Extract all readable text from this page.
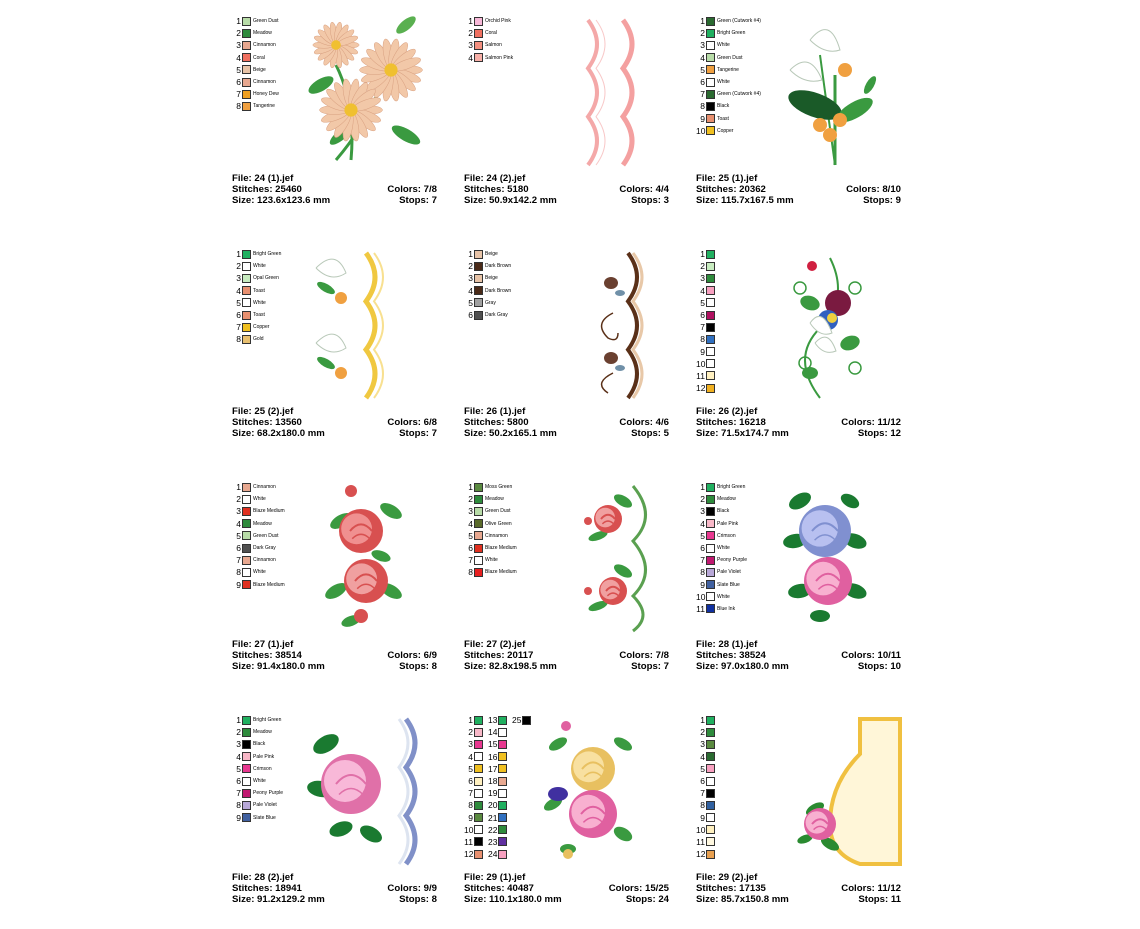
1 Green Dust
2 Meadow
3 Cinnamon
4 Coral
5 Beige
6 Cinnamon
7 Honey Dew
8 Tangerine
File: 24 (1).jef
Stitches: 25460
Size: 123.6x123.6 mm
Colors: 7/8
Stops: 7
1 Orchid Pink
2 Coral
3 Salmon
4 Salmon Pink
File: 24 (2).jef
Stitches: 5180
Size: 50.9x142.2 mm
Colors: 4/4
Stops: 3
1 Green (Cutwork #4)
2 Bright Green
3 White
4 Green Dust
5 Tangerine
6 White
7 Green (Cutwork #4)
8 Black
9 Toast
10 Copper
File: 25 (1).jef
Stitches: 20362
Size: 115.7x167.5 mm
Colors: 8/10
Stops: 9
1 Bright Green
2 White
3 Opal Green
4 Toast
5 White
6 Toast
7 Copper
8 Gold
File: 25 (2).jef
Stitches: 13560
Size: 68.2x180.0 mm
Colors: 6/8
Stops: 7
1 Beige
2 Dark Brown
3 Beige
4 Dark Brown
5 Gray
6 Dark Gray
File: 26 (1).jef
Stitches: 5800
Size: 50.2x165.1 mm
Colors: 4/6
Stops: 5
1
2
3
4
5
6
7
8
9
10
11
12
File: 26 (2).jef
Stitches: 16218
Size: 71.5x174.7 mm
Colors: 11/12
Stops: 12
1 Cinnamon
2 White
3 Blaze Medium
4 Meadow
5 Green Dust
6 Dark Gray
7 Cinnamon
8 White
9 Blaze Medium
File: 27 (1).jef
Stitches: 38514
Size: 91.4x180.0 mm
Colors: 6/9
Stops: 8
1 Moss Green
2 Meadow
3 Green Dust
4 Olive Green
5 Cinnamon
6 Blaze Medium
7 White
8 Blaze Medium
File: 27 (2).jef
Stitches: 20117
Size: 82.8x198.5 mm
Colors: 7/8
Stops: 7
1 Bright Green
2 Meadow
3 Black
4 Pale Pink
5 Crimson
6 White
7 Peony Purple
8 Pale Violet
9 Slate Blue
10 White
11 Blue Ink
File: 28 (1).jef
Stitches: 38524
Size: 97.0x180.0 mm
Colors: 10/11
Stops: 10
1 Bright Green
2 Meadow
3 Black
4 Pale Pink
5 Crimson
6 White
7 Peony Purple
8 Pale Violet
9 Slate Blue
File: 28 (2).jef
Stitches: 18941
Size: 91.2x129.2 mm
Colors: 9/9
Stops: 8
1
2
3
4
5
6
7
8
9
10
11
12
13
14
15
16
17
18
19
20
21
22
23
24
25
File: 29 (1).jef
Stitches: 40487
Size: 110.1x180.0 mm
Colors: 15/25
Stops: 24
1
2
3
4
5
6
7
8
9
10
11
12
File: 29 (2).jef
Stitches: 17135
Size: 85.7x150.8 mm
Colors: 11/12
Stops: 11
